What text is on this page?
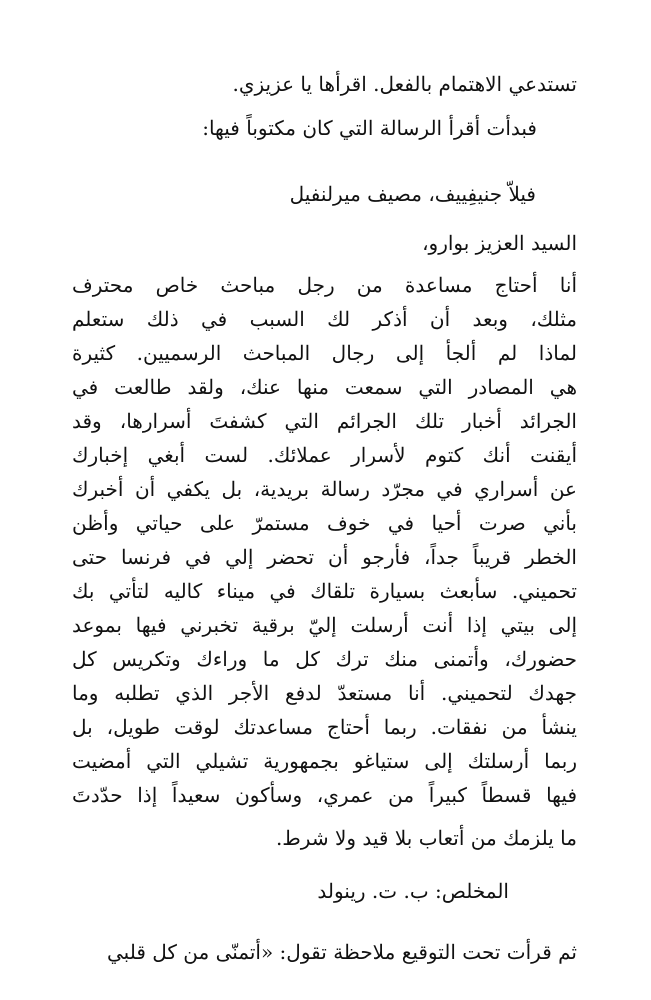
تستدعي الاهتمام بالفعل. اقرأها يا عزيزي.

فبدأت أقرأ الرسالة التي كان مكتوباً فيها:

فيلاّ جنيفِييف، مصيف ميرلنفيل

السيد العزيز بوارو،

أنا أحتاج مساعدة من رجل مباحث خاص محترف

مثلك، وبعد أن أذكر لك السبب في ذلك ستعلم

لماذا لم ألجأ إلى رجال المباحث الرسميين. كثيرة

هي المصادر التي سمعت منها عنك، ولقد طالعت في

الجرائد أخبار تلك الجرائم التي كشفتَ أسرارها، وقد

أيقنت أنك كتوم لأسرار عملائك. لست أبغي إخبارك

عن أسراري في مجرّد رسالة بريدية، بل يكفي أن أخبرك

بأني صرت أحيا في خوف مستمرّ على حياتي وأظن

الخطر قريباً جداً، فأرجو أن تحضر إلي في فرنسا حتى

تحميني. سأبعث بسيارة تلقاك في ميناء كاليه لتأتي بك

إلى بيتي إذا أنت أرسلت إليّ برقية تخبرني فيها بموعد

حضورك، وأتمنى منك ترك كل ما وراءك وتكريس كل

جهدك لتحميني. أنا مستعدّ لدفع الأجر الذي تطلبه وما

ينشأ من نفقات. ربما أحتاج مساعدتك لوقت طويل، بل

ربما أرسلتك إلى ستياغو بجمهورية تشيلي التي أمضيت

فيها قسطاً كبيراً من عمري، وسأكون سعيداً إذا حدّدتَ

ما يلزمك من أتعاب بلا قيد ولا شرط.

المخلص: ب. ت. رينولد

ثم قرأت تحت التوقيع ملاحظة تقول: «أتمنّى من كل قلبي
